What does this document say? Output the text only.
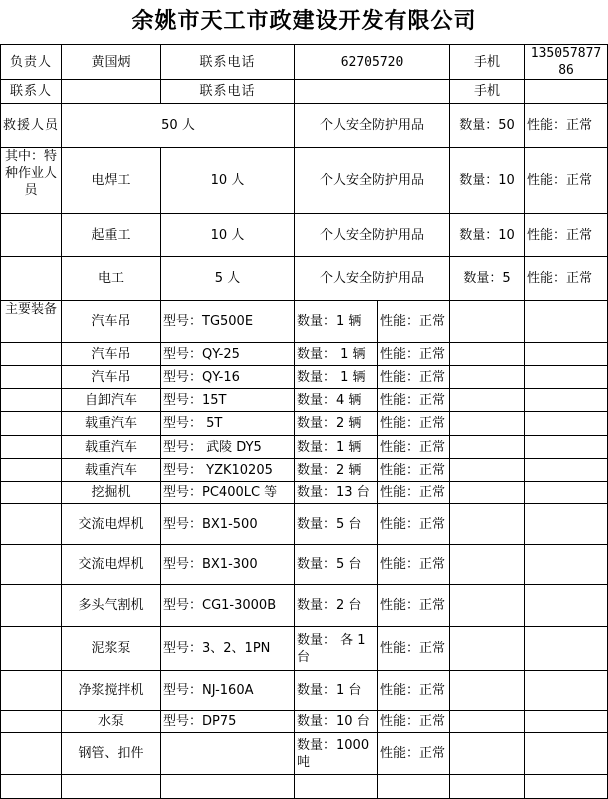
余姚市天工市政建设开发有限公司
负责人	黄国炳	联系电话	62705720		手机	13505787786
联系人		联系电话			手机	
救援人员	50 人		个人安全防护用品		数量：50	性能：正常
其中：特种作业人员	电焊工	10 人	个人安全防护用品		数量：10	性能：正常
	起重工	10 人	个人安全防护用品		数量：10	性能：正常
	电工	5 人	个人安全防护用品		数量：5	性能：正常
主要装备	汽车吊	型号：TG500E	数量：1 辆	性能：正常		
	汽车吊	型号：QY-25	数量： 1 辆	性能：正常		
	汽车吊	型号：QY-16	数量： 1 辆	性能：正常		
	自卸汽车	型号：15T	数量：4 辆	性能：正常		
	载重汽车	型号： 5T	数量：2 辆	性能：正常		
	载重汽车	型号： 武陵 DY5	数量：1 辆	性能：正常		
	载重汽车	型号： YZK10205	数量：2 辆	性能：正常		
	挖掘机	型号：PC400LC 等	数量：13 台	性能：正常		
	交流电焊机	型号：BX1-500	数量：5 台	性能：正常		
	交流电焊机	型号：BX1-300	数量：5 台	性能：正常		
	多头气割机	型号：CG1-3000B	数量：2 台	性能：正常		
	泥浆泵	型号：3、2、1PN	数量： 各 1 台	性能：正常		
	净浆搅拌机	型号：NJ-160A	数量：1 台	性能：正常		
	水泵	型号：DP75	数量：10 台	性能：正常		
	钢管、扣件		数量：1000 吨	性能：正常		
